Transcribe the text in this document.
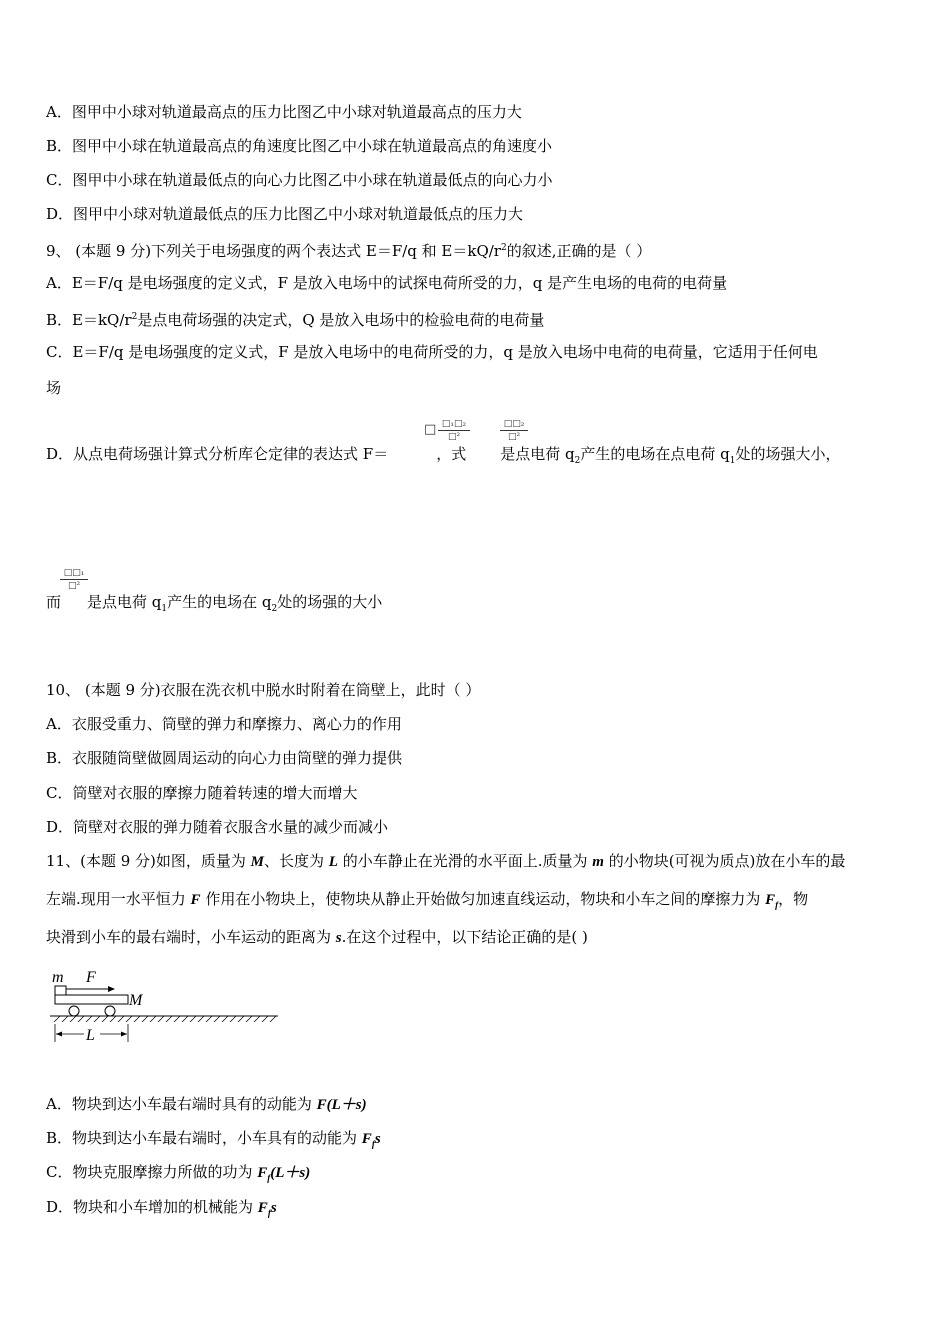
A．图甲中小球对轨道最高点的压力比图乙中小球对轨道最高点的压力大
B．图甲中小球在轨道最高点的角速度比图乙中小球在轨道最高点的角速度小
C．图甲中小球在轨道最低点的向心力比图乙中小球在轨道最低点的向心力小
D．图甲中小球对轨道最低点的压力比图乙中小球对轨道最低点的压力大
9、 (本题 9 分)下列关于电场强度的两个表达式 E＝F/q 和 $E=kQ/r^2$的叙述,正确的是（ ）
A．E＝F/q 是电场强度的定义式，F 是放入电场中的试探电荷所受的力，q 是产生电场的电荷的电荷量
B．$E=kQ/r^2$是点电荷场强的决定式，Q 是放入电场中的检验电荷的电荷量
C．E＝F/q 是电场强度的定义式，F 是放入电场中的电荷所受的力，q 是放入电场中电荷的电荷量，它适用于任何电
场
D．从点电荷场强计算式分析库仑定律的表达式 F＝	，式 是点电荷 $q_2$产生的电场在点电荷 $q_1$处的场强大小，
□ □₁□₂
□²
□□₂
□²
而 是点电荷 $q_1$产生的电场在 $q_2$处的场强的大小
□□₁
□²
10、 (本题 9 分)衣服在洗衣机中脱水时附着在筒壁上，此时（ ）
A．衣服受重力、筒壁的弹力和摩擦力、离心力的作用
B．衣服随筒壁做圆周运动的向心力由筒壁的弹力提供
C．筒壁对衣服的摩擦力随着转速的增大而增大
D．筒壁对衣服的弹力随着衣服含水量的减少而减小
11、(本题 9 分)如图，质量为 M、长度为 L 的小车静止在光滑的水平面上.质量为 m 的小物块(可视为质点)放在小车的最
左端.现用一水平恒力 F 作用在小物块上，使物块从静止开始做匀加速直线运动，物块和小车之间的摩擦力为 $F_f$，物
块滑到小车的最右端时，小车运动的距离为 s.在这个过程中，以下结论正确的是( )
m F
M
L
A．物块到达小车最右端时具有的动能为 F(L＋s)
B．物块到达小车最右端时，小车具有的动能为 $F_fs$
C．物块克服摩擦力所做的功为 $F_f(L+s)$
D．物块和小车增加的机械能为 $F_fs$
